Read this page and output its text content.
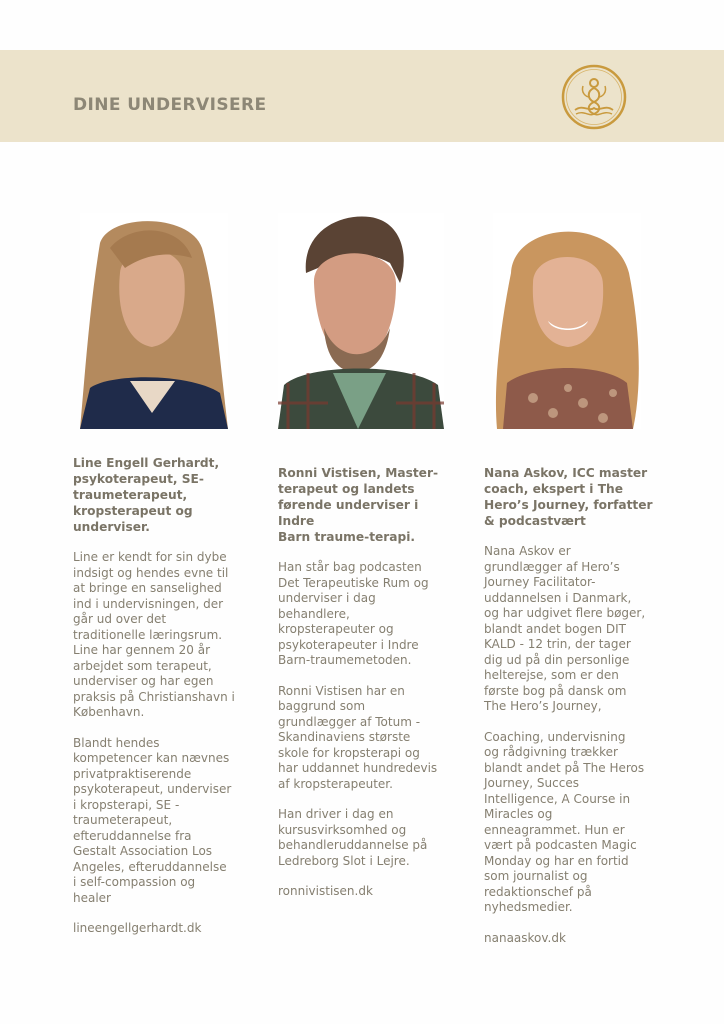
DINE UNDERVISERE
Line Engell Gerhardt,
psykoterapeut, SE-
traumeterapeut,
kropsterapeut og
underviser.
Line er kendt for sin dybe
indsigt og hendes evne til
at bringe en sanselighed
ind i undervisningen, der
går ud over det
traditionelle læringsrum.
Line har gennem 20 år
arbejdet som terapeut,
underviser og har egen
praksis på Christianshavn i
København.
Blandt hendes
kompetencer kan nævnes
privatpraktiserende
psykoterapeut, underviser
i kropsterapi, SE -
traumeterapeut,
efteruddannelse fra
Gestalt Association Los
Angeles, efteruddannelse
i self-compassion og
healer
lineengellgerhardt.dk
Ronni Vistisen, Master-
terapeut og landets
førende underviser i Indre
Barn traume-terapi.
Han står bag podcasten
Det Terapeutiske Rum og
underviser i dag
behandlere,
kropsterapeuter og
psykoterapeuter i Indre
Barn-traumemetoden.
Ronni Vistisen har en
baggrund som
grundlægger af Totum -
Skandinaviens største
skole for kropsterapi og
har uddannet hundredevis
af kropsterapeuter.
Han driver i dag en
kursusvirksomhed og
behandleruddannelse på
Ledreborg Slot i Lejre.
ronnivistisen.dk
Nana Askov, ICC master
coach, ekspert i The
Hero’s Journey, forfatter
& podcastvært
Nana Askov er
grundlægger af Hero’s
Journey Facilitator-
uddannelsen i Danmark,
og har udgivet flere bøger,
blandt andet bogen DIT
KALD - 12 trin, der tager
dig ud på din personlige
helterejse, som er den
første bog på dansk om
The Hero’s Journey,
Coaching, undervisning
og rådgivning trækker
blandt andet på The Heros
Journey, Succes
Intelligence, A Course in
Miracles og
enneagrammet. Hun er
vært på podcasten Magic
Monday og har en fortid
som journalist og
redaktionschef på
nyhedsmedier.
nanaaskov.dk
